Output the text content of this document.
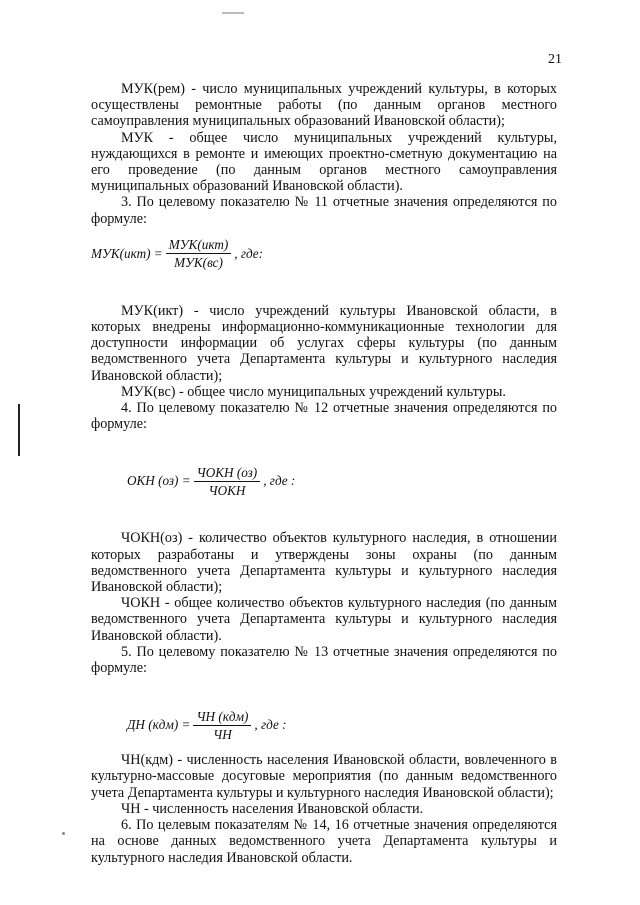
21

МУК(рем) - число муниципальных учреждений культуры, в которых осуществлены ремонтные работы (по данным органов местного самоуправления муниципальных образований Ивановской области);

МУК - общее число муниципальных учреждений культуры, нуждающихся в ремонте и имеющих проектно-сметную документацию на его проведение (по данным органов местного самоуправления муниципальных образований Ивановской области).

3. По целевому показателю № 11 отчетные значения определяются по формуле:

$МУК(икт) = \frac{\text{МУК(икт)}}{\text{МУК(вс)}}$ , где:

МУК(икт) - число учреждений культуры Ивановской области, в которых внедрены информационно-коммуникационные технологии для доступности информации об услугах сферы культуры (по данным ведомственного учета Департамента культуры и культурного наследия Ивановской области);

МУК(вс) - общее число муниципальных учреждений культуры.

4. По целевому показателю № 12 отчетные значения определяются по формуле:

ОКН $(оз) = \frac{\text{ЧОКН (оз)}}{\text{ЧОКН}}$ , где :

ЧОКН(оз) - количество объектов культурного наследия, в отношении которых разработаны и утверждены зоны охраны (по данным ведомственного учета Департамента культуры и культурного наследия Ивановской области);

ЧОКН - общее количество объектов культурного наследия (по данным ведомственного учета Департамента культуры и культурного наследия Ивановской области).

5. По целевому показателю № 13 отчетные значения определяются по формуле:

ДН $(кдм) = \frac{\text{ЧН (кдм)}}{ЧН}$ , где :

ЧН(кдм) - численность населения Ивановской области, вовлеченного в культурно-массовые досуговые мероприятия (по данным ведомственного учета Департамента культуры и культурного наследия Ивановской области);

ЧН - численность населения Ивановской области.

6. По целевым показателям № 14, 16 отчетные значения определяются на основе данных ведомственного учета Департамента культуры и культурного наследия Ивановской области.
